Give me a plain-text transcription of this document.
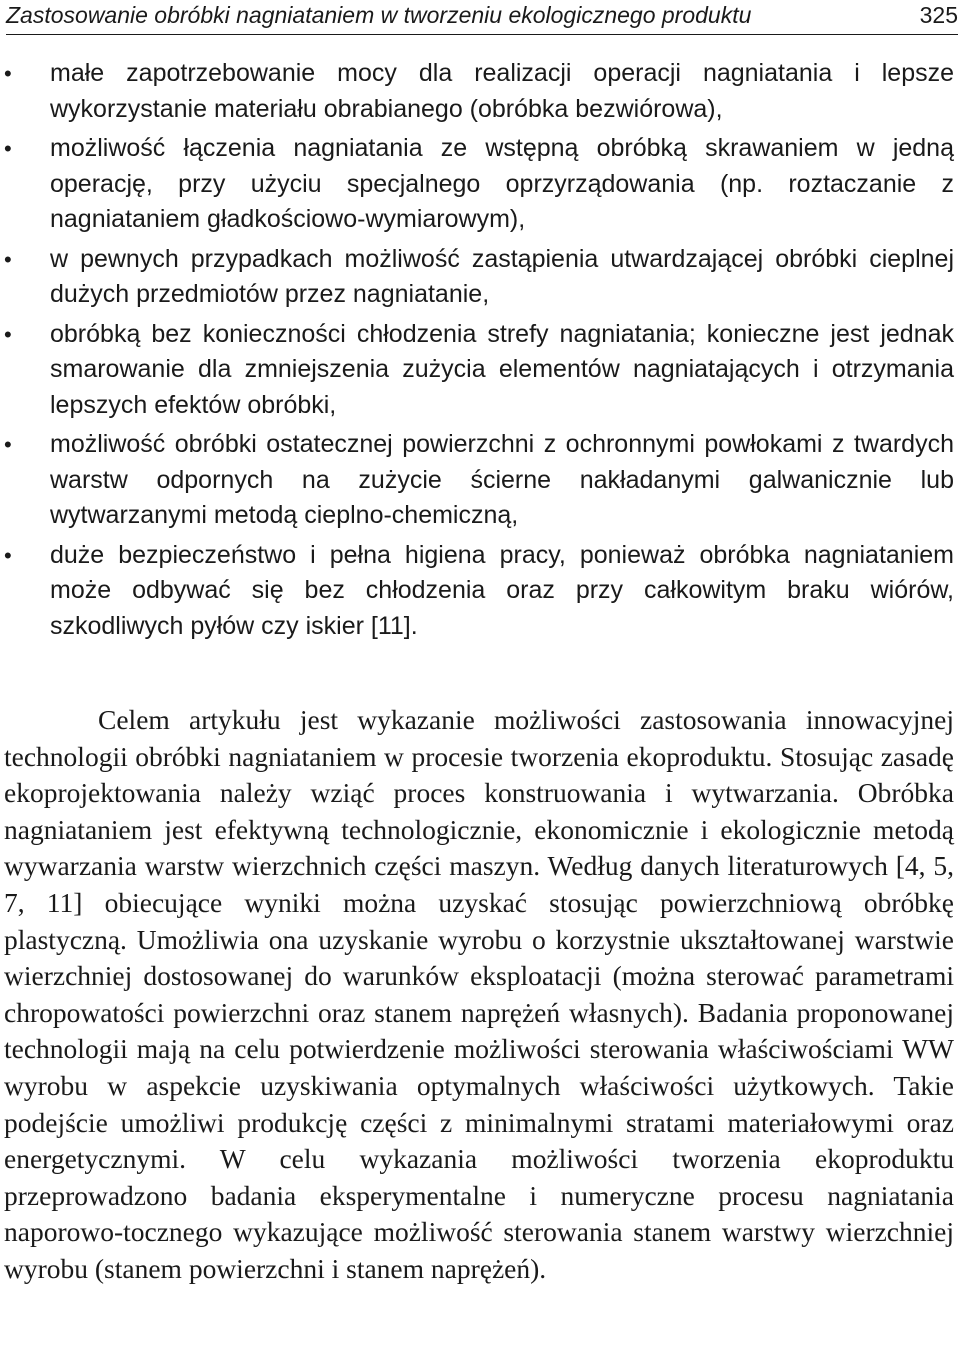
Zastosowanie obróbki nagniataniem w tworzeniu ekologicznego produktu	325
• małe zapotrzebowanie mocy dla realizacji operacji nagniatania i lepsze wykorzystanie materiału obrabianego (obróbka bezwiórowa),
• możliwość łączenia nagniatania ze wstępną obróbką skrawaniem w jedną operację, przy użyciu specjalnego oprzyrządowania (np. roztaczanie z nagniataniem gładkościowo-wymiarowym),
• w pewnych przypadkach możliwość zastąpienia utwardzającej obróbki cieplnej dużych przedmiotów przez nagniatanie,
• obróbką bez konieczności chłodzenia strefy nagniatania; konieczne jest jednak smarowanie dla zmniejszenia zużycia elementów nagniatających i otrzymania lepszych efektów obróbki,
• możliwość obróbki ostatecznej powierzchni z ochronnymi powłokami z twardych warstw odpornych na zużycie ścierne nakładanymi galwanicznie lub wytwarzanymi metodą cieplno-chemiczną,
• duże bezpieczeństwo i pełna higiena pracy, ponieważ obróbka nagniataniem może odbywać się bez chłodzenia oraz przy całkowitym braku wiórów, szkodliwych pyłów czy iskier [11].

Celem artykułu jest wykazanie możliwości zastosowania innowacyjnej technologii obróbki nagniataniem w procesie tworzenia ekoproduktu. Stosując zasadę ekoprojektowania należy wziąć proces konstruowania i wytwarzania. Obróbka nagniataniem jest efektywną technologicznie, ekonomicznie i ekologicznie metodą wywarzania warstw wierzchnich części maszyn. Według danych literaturowych [4, 5, 7, 11] obiecujące wyniki można uzyskać stosując powierzchniową obróbkę plastyczną. Umożliwia ona uzyskanie wyrobu o korzystnie ukształtowanej warstwie wierzchniej dostosowanej do warunków eksploatacji (można sterować parametrami chropowatości powierzchni oraz stanem naprężeń własnych). Badania proponowanej technologii mają na celu potwierdzenie możliwości sterowania właściwościami WW wyrobu w aspekcie uzyskiwania optymalnych właściwości użytkowych. Takie podejście umożliwi produkcję części z minimalnymi stratami materiałowymi oraz energetycznymi. W celu wykazania możliwości tworzenia ekoproduktu przeprowadzono badania eksperymentalne i numeryczne procesu nagniatania naporowo-tocznego wykazujące możliwość sterowania stanem warstwy wierzchniej wyrobu (stanem powierzchni i stanem naprężeń).
